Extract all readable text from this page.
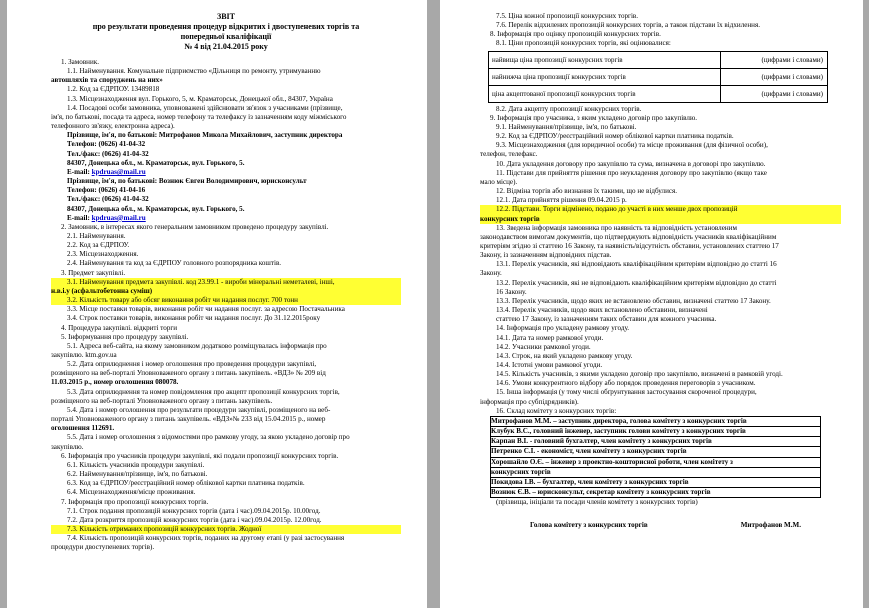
ЗВІТ
про результати проведення процедур відкритих і двоступеневих торгів та
попередньої кваліфікації
№ 4 від 21.04.2015 року
1. Замовник.
1.1. Найменування. Комунальне підприємство «Дільниця по ремонту, утримуванню
автошляхів та споруджень на них»
1.2. Код за ЄДРПОУ. 13489818
1.3. Місцезнаходження вул. Горького, 5, м. Краматорськ, Донецької обл., 84307, Україна
1.4. Посадові особи замовника, уповноважені здійснювати зв'язок з учасниками (прізвище,
ім'я, по батькові, посада та адреса, номер телефону та телефаксу із зазначенням коду міжміського
телефонного зв'язку, електронна адреса).
Прізвище, ім'я, по батькові: Митрофанов Микола Михайлович, заступник директора
Телефон: (0626) 41-04-32
Тел./факс: (0626) 41-04-32
84307, Донецька обл., м. Краматорськ, вул. Горького, 5.
E-mail: kpdruas@mail.ru
Прізвище, ім'я, по батькові: Вознюк Євген Володимирович, юрисконсульт
Телефон: (0626) 41-04-16
Тел./факс: (0626) 41-04-32
84307, Донецька обл., м. Краматорськ, вул. Горького, 5.
E-mail: kpdruas@mail.ru
2. Замовник, в інтересах якого генеральним замовником проведено процедуру закупівлі.
2.1. Найменування.
2.2. Код за ЄДРПОУ.
2.3. Місцезнаходження.
2.4. Найменування та код за ЄДРПОУ головного розпорядника коштів.
3. Предмет закупівлі.
3.1. Найменування предмета закупівлі. код 23.99.1 - вироби мінеральні неметалеві, інші,
н.в.і.у (асфальтобетонна суміш)
3.2. Кількість товару або обсяг виконання робіт чи надання послуг. 700 тонн
3.3. Місце поставки товарів, виконання робіт чи надання послуг. за адресою Постачальника
3.4. Строк поставки товарів, виконання робіт чи надання послуг. До 31.12.2015року
4. Процедура закупівлі. відкриті торги
5. Інформування про процедуру закупівлі.
5.1. Адреса веб-сайта, на якому замовником додатково розміщувалась інформація про
закупівлю. ktm.gov.ua
5.2. Дата оприлюднення і номер оголошення про проведення процедури закупівлі,
розміщеного на веб-порталі Уповноваженого органу з питань закупівель. «ВДЗ» № 209 від
11.03.2015 р., номер оголошення 080078.
5.3. Дата оприлюднення та номер повідомлення про акцепт пропозиції конкурсних торгів,
розміщеного на веб-порталі Уповноваженого органу з питань закупівель.
5.4. Дата і номер оголошення про результати процедури закупівлі, розміщеного на веб-
порталі Уповноваженого органу з питань закупівель. «ВДЗ»№ 233 від 15.04.2015 р., номер
оголошення 112691.
5.5. Дата і номер оголошення з відомостями про рамкову угоду, за якою укладено договір про
закупівлю.
6. Інформація про учасників процедури закупівлі, які подали пропозиції конкурсних торгів.
6.1. Кількість учасників процедури закупівлі.
6.2. Найменування/прізвище, ім'я, по батькові.
6.3. Код за ЄДРПОУ/реєстраційний номер облікової картки платника податків.
6.4. Місцезнаходження/місце проживання.
7. Інформація про пропозиції конкурсних торгів.
7.1. Строк подання пропозицій конкурсних торгів (дата і час).09.04.2015р. 10.00год.
7.2. Дата розкриття пропозицій конкурсних торгів (дата і час).09.04.2015р. 12.00год.
7.3. Кількість отриманих пропозицій конкурсних торгів. Жодної
7.4. Кількість пропозицій конкурсних торгів, поданих на другому етапі (у разі застосування
процедури двоступеневих торгів).
7.5. Ціна кожної пропозиції конкурсних торгів.
7.6. Перелік відхилених пропозицій конкурсних торгів, а також підстави їх відхилення.
8. Інформація про оцінку пропозицій конкурсних торгів.
8.1. Ціни пропозицій конкурсних торгів, які оцінювалися:
найвища ціна пропозиції конкурсних торгів	(цифрами і словами)
найнижча ціна пропозиції конкурсних торгів	(цифрами і словами)
ціна акцептованої пропозиції конкурсних торгів	(цифрами і словами)
8.2. Дата акцепту пропозиції конкурсних торгів.
9. Інформація про учасника, з яким укладено договір про закупівлю.
9.1. Найменування/прізвище, ім'я, по батькові.
9.2. Код за ЄДРПОУ/реєстраційний номер облікової картки платника податків.
9.3. Місцезнаходження (для юридичної особи) та місце проживання (для фізичної особи),
телефон, телефакс.
10. Дата укладення договору про закупівлю та сума, визначена в договорі про закупівлю.
11. Підстави для прийняття рішення про неукладення договору про закупівлю (якщо таке
мало місце).
12. Відміна торгів або визнання їх такими, що не відбулися.
12.1. Дата прийняття рішення 09.04.2015 р.
12.2. Підстави. Торги відмінено, подано до участі в них менше двох пропозицій
конкурсних торгів
13. Зведена інформація замовника про наявність та відповідність установленим
законодавством вимогам документів, що підтверджують відповідність учасників кваліфікаційним
критеріям згідно зі статтею 16 Закону, та наявність/відсутність обставин, установлених статтею 17
Закону, із зазначенням відповідних підстав.
13.1. Перелік учасників, які відповідають кваліфікаційним критеріям відповідно до статті 16
Закону.
13.2. Перелік учасників, які не відповідають кваліфікаційним критеріям відповідно до статті
16 Закону.
13.3. Перелік учасників, щодо яких не встановлено обставин, визначені статтею 17 Закону.
13.4. Перелік учасників, щодо яких встановлено обставини, визначені
статтею 17 Закону, із зазначенням таких обставин для кожного учасника.
14. Інформація про укладену рамкову угоду.
14.1. Дата та номер рамкової угоди.
14.2. Учасники рамкової угоди.
14.3. Строк, на який укладено рамкову угоду.
14.4. Істотні умови рамкової угоди.
14.5. Кількість учасників, з якими укладено договір про закупівлю, визначені в рамковій угоді.
14.6. Умови конкурентного відбору або порядок проведення переговорів з учасником.
15. Інша інформація (у тому числі обґрунтування застосування скороченої процедури,
інформація про субпідрядників).
16. Склад комітету з конкурсних торгів:
Митрофанов М.М. – заступник директора, голова комітету з конкурсних торгів
Клубук В.С., головний інженер, заступник голови комітету з конкурсних торгів
Карпан В.І. - головний бухгалтер, член комітету з конкурсних торгів
Петренко С.І. - економіст, член комітету з конкурсних торгів
Хорошайло О.Є. – інженер з проектно-кошторисної роботи, член комітету з
конкурсних торгів
Покидова І.В. – бухгалтер, член комітету з конкурсних торгів
Вознюк Є.В. – юрисконсульт, секретар комітету з конкурсних торгів
(прізвища, ініціали та посади членів комітету з конкурсних торгів)
Голова комітету з конкурсних торгів	Митрофанов М.М.
